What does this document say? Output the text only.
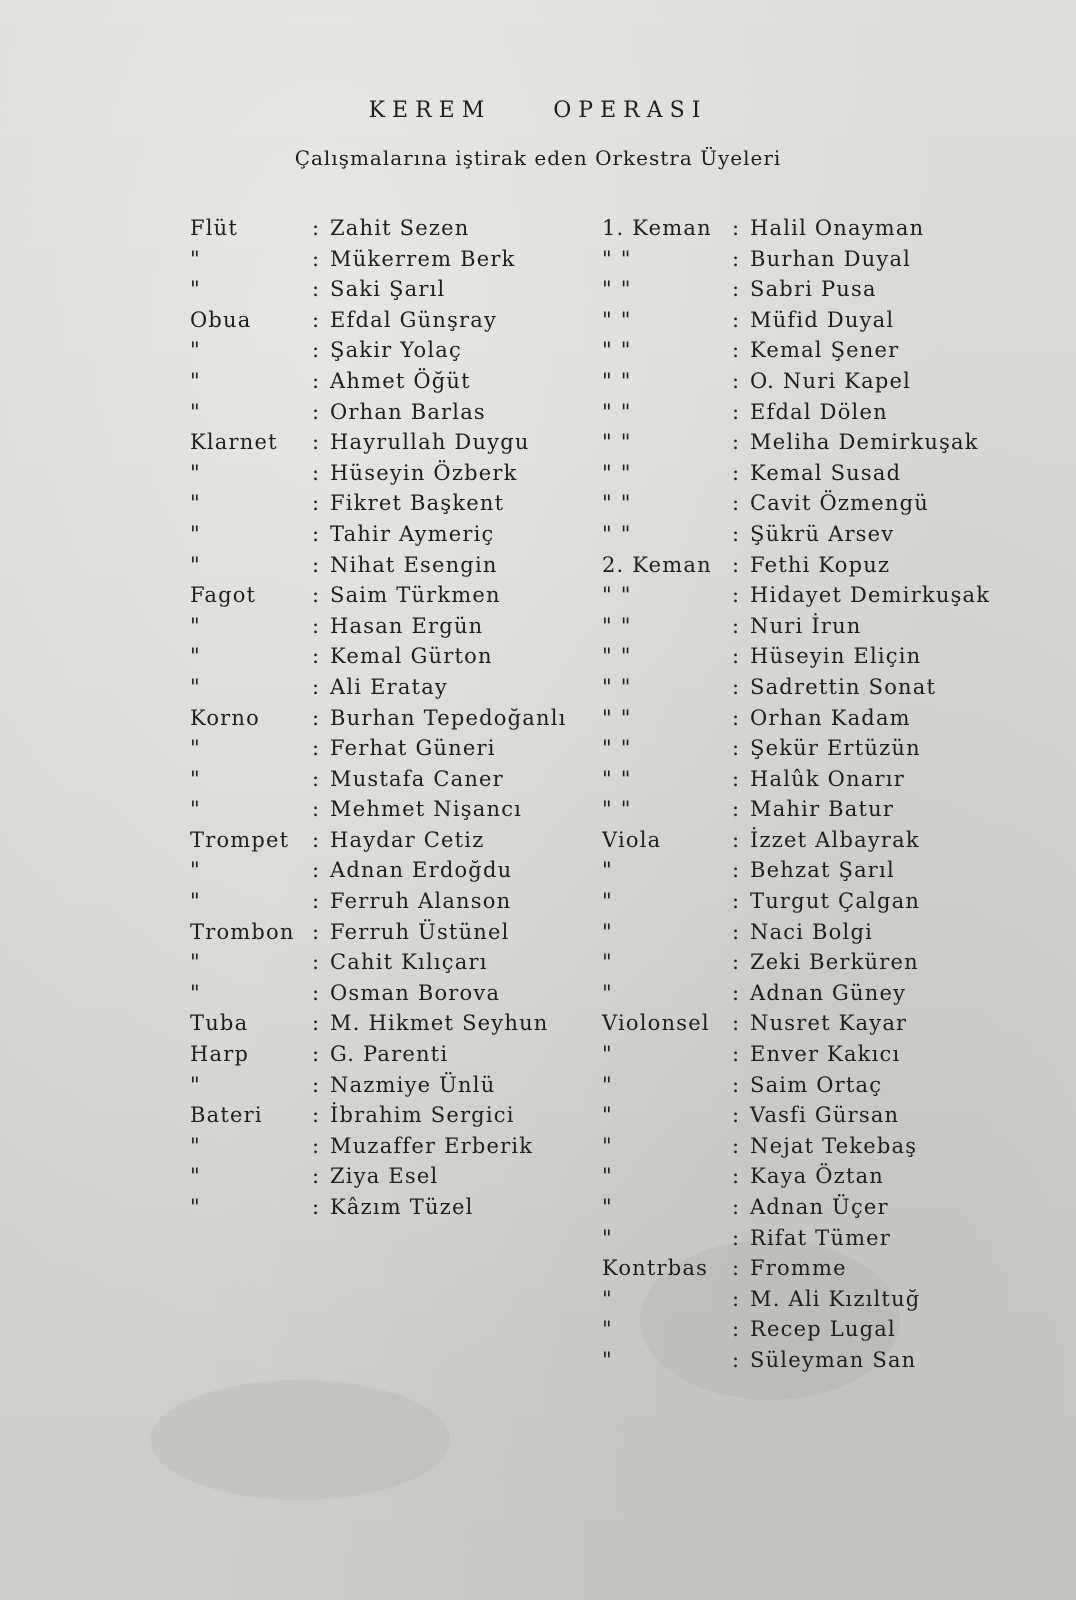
KEREM	OPERASI
Çalışmalarına iştirak eden Orkestra Üyeleri
Flüt	: Zahit Sezen
"	: Mükerrem Berk
"	: Saki Şarıl
Obua	: Efdal Günşray
"	: Şakir Yolaç
"	: Ahmet Öğüt
"	: Orhan Barlas
Klarnet	: Hayrullah Duygu
"	: Hüseyin Özberk
"	: Fikret Başkent
"	: Tahir Aymeriç
"	: Nihat Esengin
Fagot	: Saim Türkmen
"	: Hasan Ergün
"	: Kemal Gürton
"	: Ali Eratay
Korno	: Burhan Tepedoğanlı
"	: Ferhat Güneri
"	: Mustafa Caner
"	: Mehmet Nişancı
Trompet	: Haydar Cetiz
"	: Adnan Erdoğdu
"	: Ferruh Alanson
Trombon : Ferruh Üstünel
"	: Cahit Kılıçarı
"	: Osman Borova
Tuba	: M. Hikmet Seyhun
Harp	: G. Parenti
"	: Nazmiye Ünlü
Bateri	: İbrahim Sergici
"	: Muzaffer Erberik
"	: Ziya Esel
"	: Kâzım Tüzel
1. Keman : Halil Onayman
" "	: Burhan Duyal
" "	: Sabri Pusa
" "	: Müfid Duyal
" "	: Kemal Şener
" "	: O. Nuri Kapel
" "	: Efdal Dölen
" "	: Meliha Demirkuşak
" "	: Kemal Susad
" "	: Cavit Özmengü
" "	: Şükrü Arsev
2. Keman : Fethi Kopuz
" "	: Hidayet Demirkuşak
" "	: Nuri İrun
" "	: Hüseyin Eliçin
" "	: Sadrettin Sonat
" "	: Orhan Kadam
" "	: Şekür Ertüzün
" "	: Halûk Onarır
" "	: Mahir Batur
Viola	: İzzet Albayrak
"	: Behzat Şarıl
"	: Turgut Çalgan
"	: Naci Bolgi
"	: Zeki Berküren
"	: Adnan Güney
Violonsel	: Nusret Kayar
"	: Enver Kakıcı
"	: Saim Ortaç
"	: Vasfi Gürsan
"	: Nejat Tekebaş
"	: Kaya Öztan
"	: Adnan Üçer
"	: Rifat Tümer
Kontrbas	: Fromme
"	: M. Ali Kızıltuğ
"	: Recep Lugal
"	: Süleyman San
